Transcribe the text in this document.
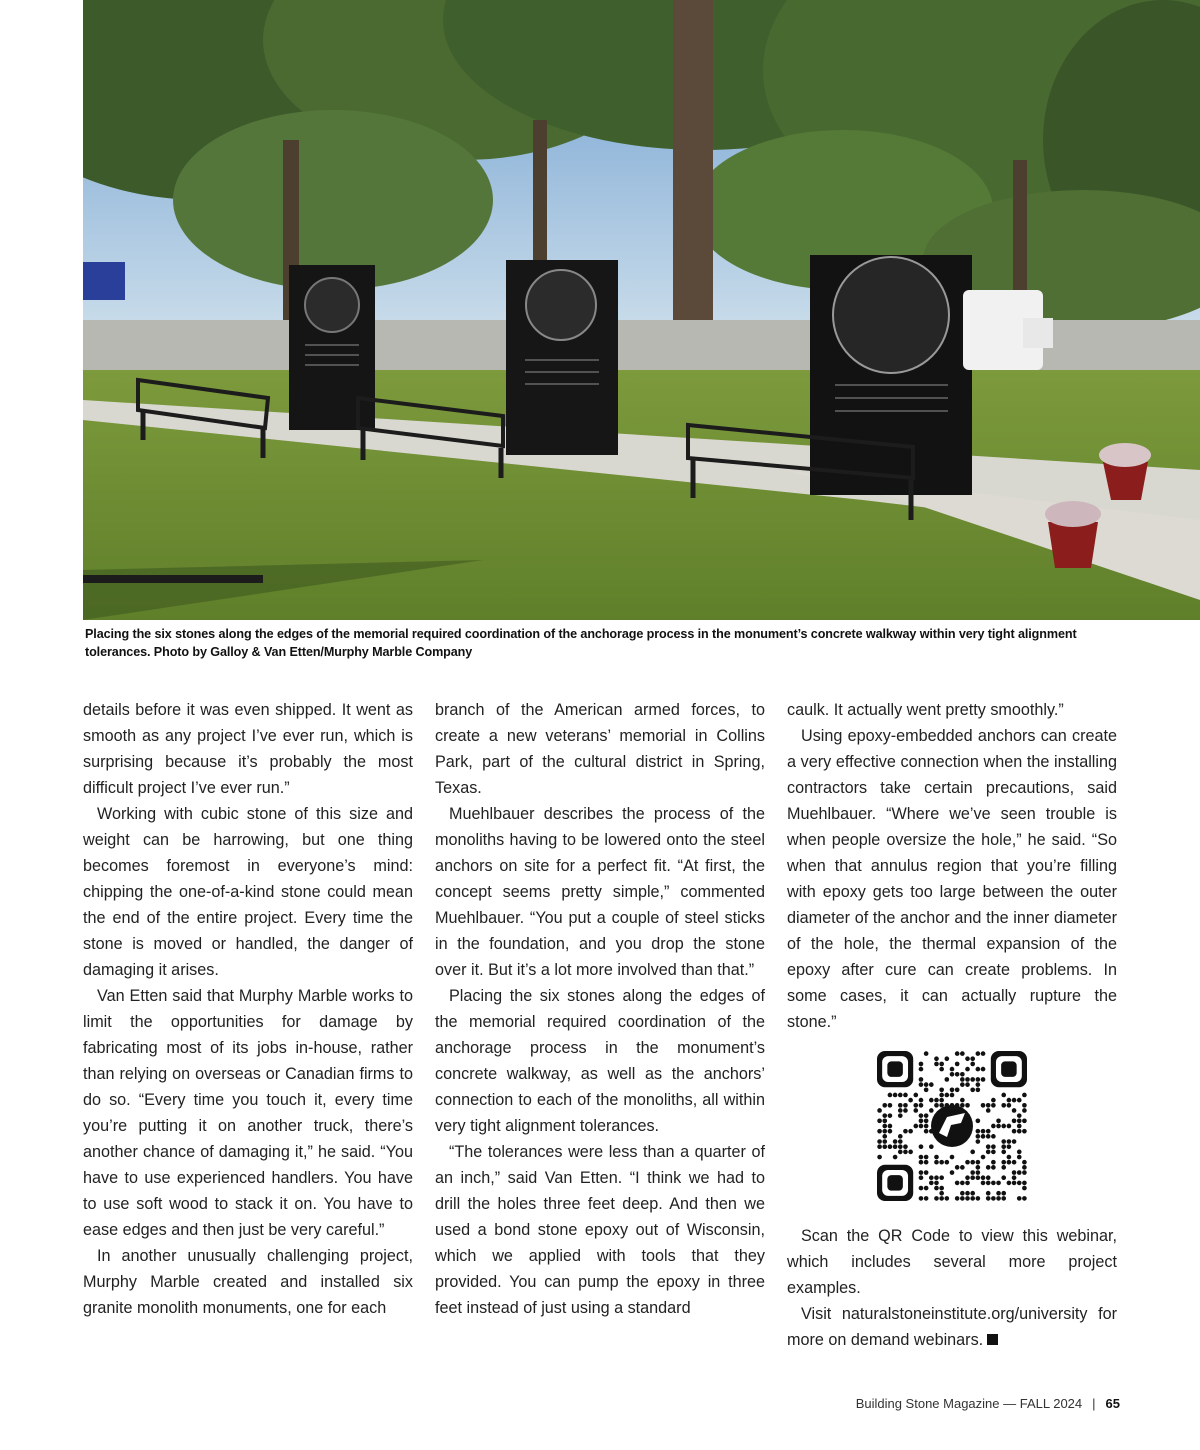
Placing the six stones along the edges of the memorial required coordination of the anchorage process in the monument’s concrete walkway within very tight alignment tolerances. Photo by Galloy & Van Etten/Murphy Marble Company

details before it was even shipped. It went as smooth as any project I’ve ever run, which is surprising because it’s probably the most difficult project I’ve ever run.”

Working with cubic stone of this size and weight can be harrowing, but one thing becomes foremost in everyone’s mind: chipping the one-of-a-kind stone could mean the end of the entire project. Every time the stone is moved or handled, the danger of damaging it arises.

Van Etten said that Murphy Marble works to limit the opportunities for damage by fabricating most of its jobs in-house, rather than relying on overseas or Canadian firms to do so. “Every time you touch it, every time you’re putting it on another truck, there’s another chance of damaging it,” he said. “You have to use experienced handlers. You have to use soft wood to stack it on. You have to ease edges and then just be very careful.”

In another unusually challenging project, Murphy Marble created and installed six granite monolith monuments, one for each

branch of the American armed forces, to create a new veterans’ memorial in Collins Park, part of the cultural district in Spring, Texas.

Muehlbauer describes the process of the monoliths having to be lowered onto the steel anchors on site for a perfect fit. “At first, the concept seems pretty simple,” commented Muehlbauer. “You put a couple of steel sticks in the foundation, and you drop the stone over it. But it’s a lot more involved than that.”

Placing the six stones along the edges of the memorial required coordination of the anchorage process in the monument’s concrete walkway, as well as the anchors’ connection to each of the monoliths, all within very tight alignment tolerances.

“The tolerances were less than a quarter of an inch,” said Van Etten. “I think we had to drill the holes three feet deep. And then we used a bond stone epoxy out of Wisconsin, which we applied with tools that they provided. You can pump the epoxy in three feet instead of just using a standard

caulk. It actually went pretty smoothly.”

Using epoxy-embedded anchors can create a very effective connection when the installing contractors take certain precautions, said Muehlbauer. “Where we’ve seen trouble is when people oversize the hole,” he said. “So when that annulus region that you’re filling with epoxy gets too large between the outer diameter of the anchor and the inner diameter of the hole, the thermal expansion of the epoxy after cure can create problems. In some cases, it can actually rupture the stone.”

Scan the QR Code to view this webinar, which includes several more project examples.

Visit naturalstoneinstitute.org/university for more on demand webinars.

Building Stone Magazine — FALL 2024 | 65
